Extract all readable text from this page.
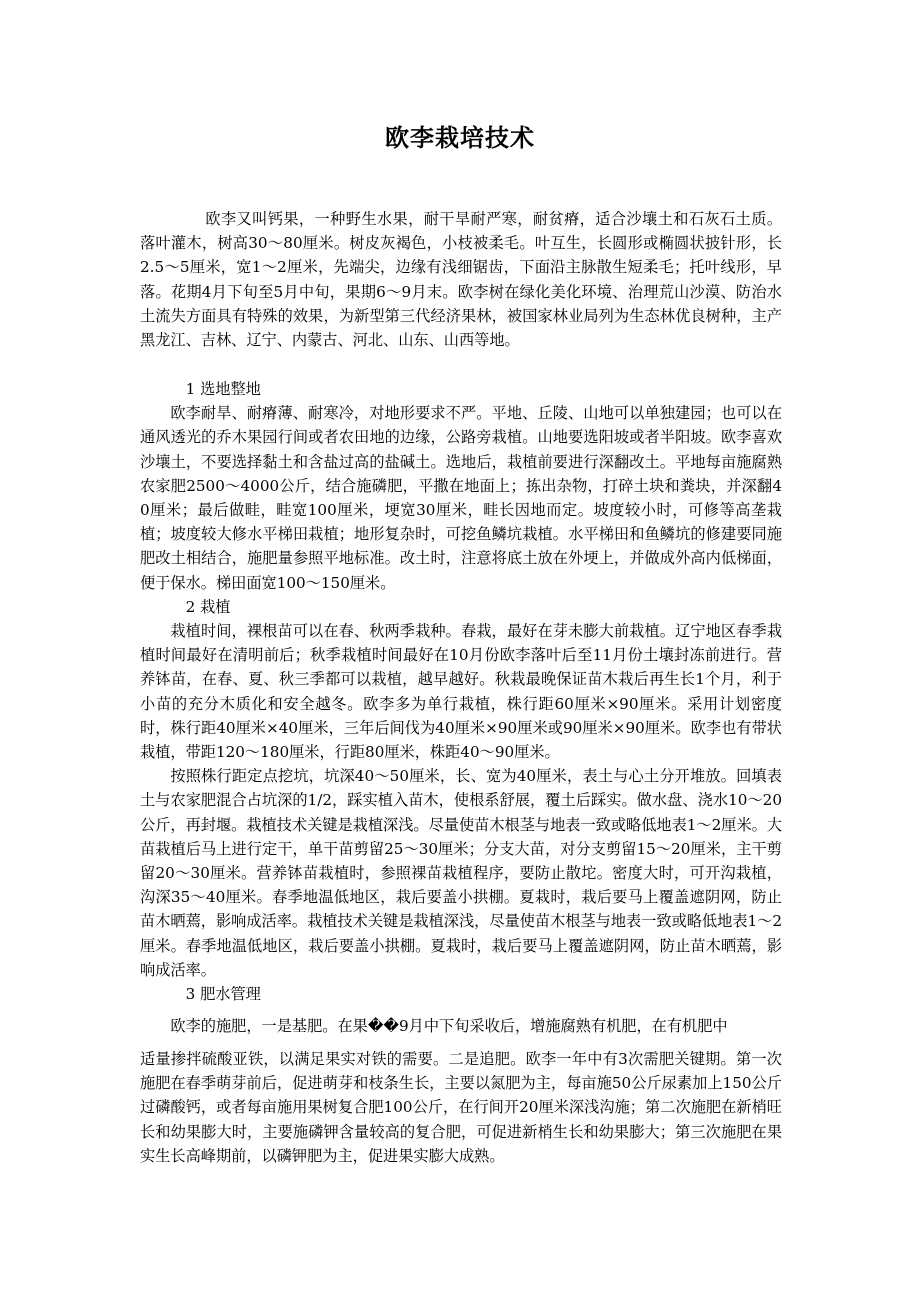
欧李栽培技术

欧李又叫钙果，一种野生水果，耐干旱耐严寒，耐贫瘠，适合沙壤土和石灰石土质。落叶灌木，树高30～80厘米。树皮灰褐色，小枝被柔毛。叶互生，长圆形或椭圆状披针形，长2.5～5厘米，宽1～2厘米，先端尖，边缘有浅细锯齿，下面沿主脉散生短柔毛；托叶线形，早落。花期4月下旬至5月中旬，果期6～9月末。欧李树在绿化美化环境、治理荒山沙漠、防治水土流失方面具有特殊的效果，为新型第三代经济果林，被国家林业局列为生态林优良树种，主产黑龙江、吉林、辽宁、内蒙古、河北、山东、山西等地。

1 选地整地

欧李耐旱、耐瘠薄、耐寒冷，对地形要求不严。平地、丘陵、山地可以单独建园；也可以在通风透光的乔木果园行间或者农田地的边缘，公路旁栽植。山地要选阳坡或者半阳坡。欧李喜欢沙壤土，不要选择黏土和含盐过高的盐碱土。选地后，栽植前要进行深翻改土。平地每亩施腐熟农家肥2500～4000公斤，结合施磷肥，平撒在地面上；拣出杂物，打碎土块和粪块，并深翻40厘米；最后做畦，畦宽100厘米，埂宽30厘米，畦长因地而定。坡度较小时，可修等高垄栽植；坡度较大修水平梯田栽植；地形复杂时，可挖鱼鳞坑栽植。水平梯田和鱼鳞坑的修建要同施肥改土相结合，施肥量参照平地标准。改土时，注意将底土放在外埂上，并做成外高内低梯面，便于保水。梯田面宽100～150厘米。

2 栽植

栽植时间，裸根苗可以在春、秋两季栽种。春栽，最好在芽未膨大前栽植。辽宁地区春季栽植时间最好在清明前后；秋季栽植时间最好在10月份欧李落叶后至11月份土壤封冻前进行。营养钵苗，在春、夏、秋三季都可以栽植，越早越好。秋栽最晚保证苗木栽后再生长1个月，利于小苗的充分木质化和安全越冬。欧李多为单行栽植，株行距60厘米×90厘米。采用计划密度时，株行距40厘米×40厘米，三年后间伐为40厘米×90厘米或90厘米×90厘米。欧李也有带状栽植，带距120～180厘米，行距80厘米，株距40～90厘米。

按照株行距定点挖坑，坑深40～50厘米，长、宽为40厘米，表土与心土分开堆放。回填表土与农家肥混合占坑深的1/2，踩实植入苗木，使根系舒展，覆土后踩实。做水盘、浇水10～20公斤，再封堰。栽植技术关键是栽植深浅。尽量使苗木根茎与地表一致或略低地表1～2厘米。大苗栽植后马上进行定干，单干苗剪留25～30厘米；分支大苗，对分支剪留15～20厘米，主干剪留20～30厘米。营养钵苗栽植时，参照裸苗栽植程序，要防止散坨。密度大时，可开沟栽植，沟深35～40厘米。春季地温低地区，栽后要盖小拱棚。夏栽时，栽后要马上覆盖遮阴网，防止苗木晒蔫，影响成活率。栽植技术关键是栽植深浅，尽量使苗木根茎与地表一致或略低地表1～2厘米。春季地温低地区，栽后要盖小拱棚。夏栽时，栽后要马上覆盖遮阴网，防止苗木晒蔫，影响成活率。

3 肥水管理

欧李的施肥，一是基肥。在果��9月中下旬采收后，增施腐熟有机肥，在有机肥中

适量掺拌硫酸亚铁，以满足果实对铁的需要。二是追肥。欧李一年中有3次需肥关键期。第一次施肥在春季萌芽前后，促进萌芽和枝条生长，主要以氮肥为主，每亩施50公斤尿素加上150公斤过磷酸钙，或者每亩施用果树复合肥100公斤，在行间开20厘米深浅沟施；第二次施肥在新梢旺长和幼果膨大时，主要施磷钾含量较高的复合肥，可促进新梢生长和幼果膨大；第三次施肥在果实生长高峰期前，以磷钾肥为主，促进果实膨大成熟。
